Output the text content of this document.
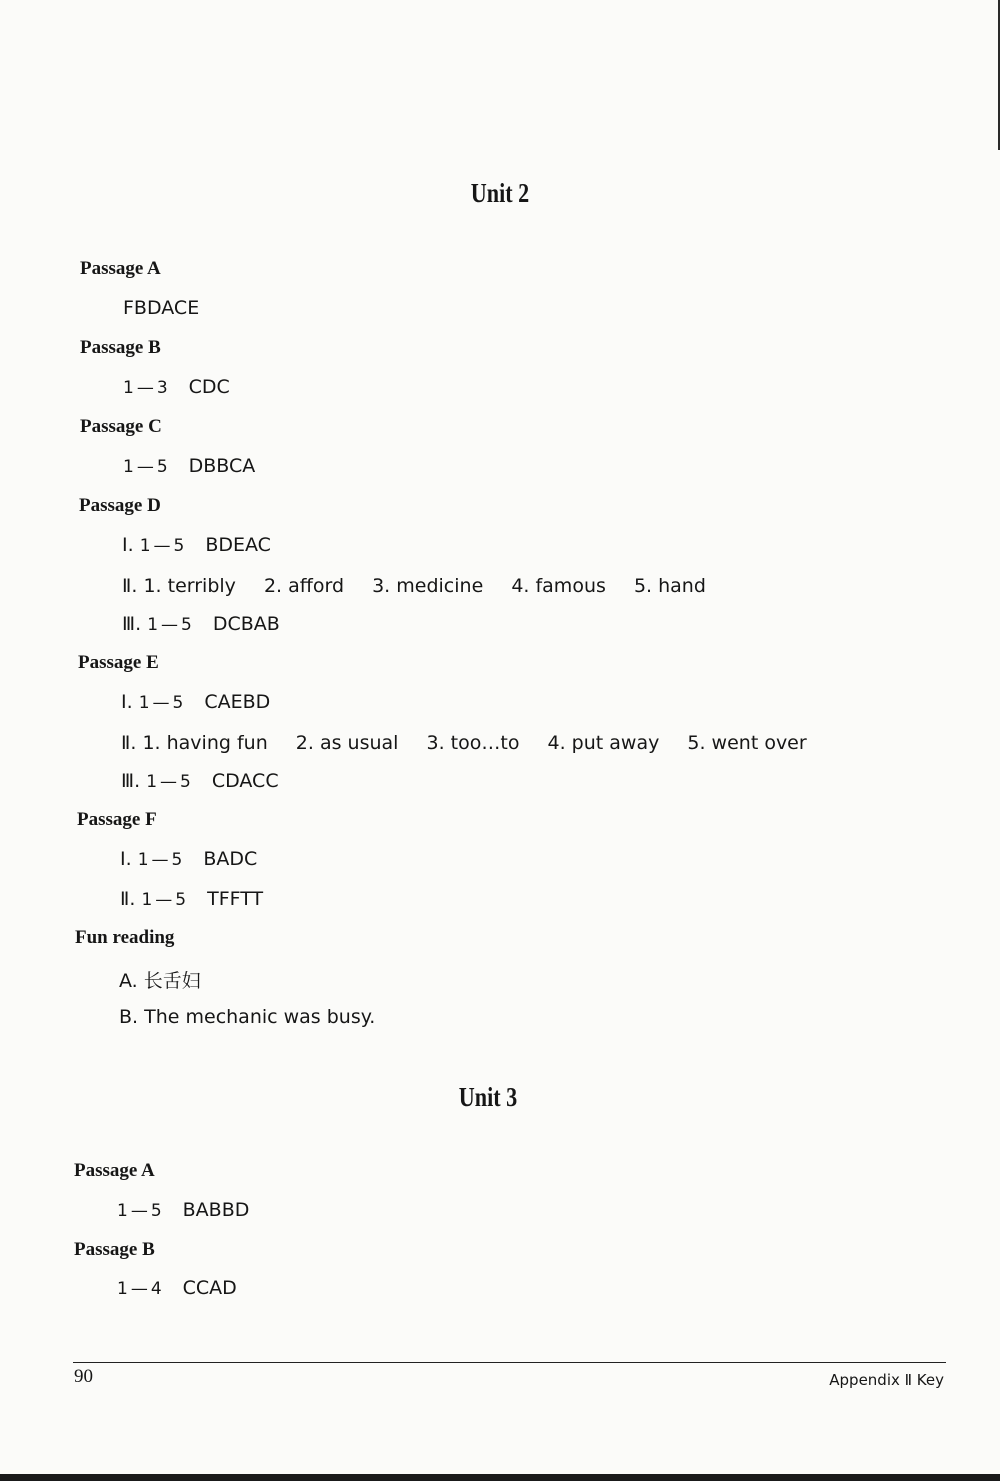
Unit 2
Passage A
FBDACE
Passage B
1—3 CDC
Passage C
1—5 DBBCA
Passage D
Ⅰ. 1—5 BDEAC
Ⅱ. 1. terribly 2. afford 3. medicine 4. famous 5. hand
Ⅲ. 1—5 DCBAB
Passage E
Ⅰ. 1—5 CAEBD
Ⅱ. 1. having fun 2. as usual 3. too…to 4. put away 5. went over
Ⅲ. 1—5 CDACC
Passage F
Ⅰ. 1—5 BADC
Ⅱ. 1—5 TFFTT
Fun reading
A. 长舌妇
B. The mechanic was busy.
Unit 3
Passage A
1—5 BABBD
Passage B
1—4 CCAD
90	Appendix Ⅱ Key
